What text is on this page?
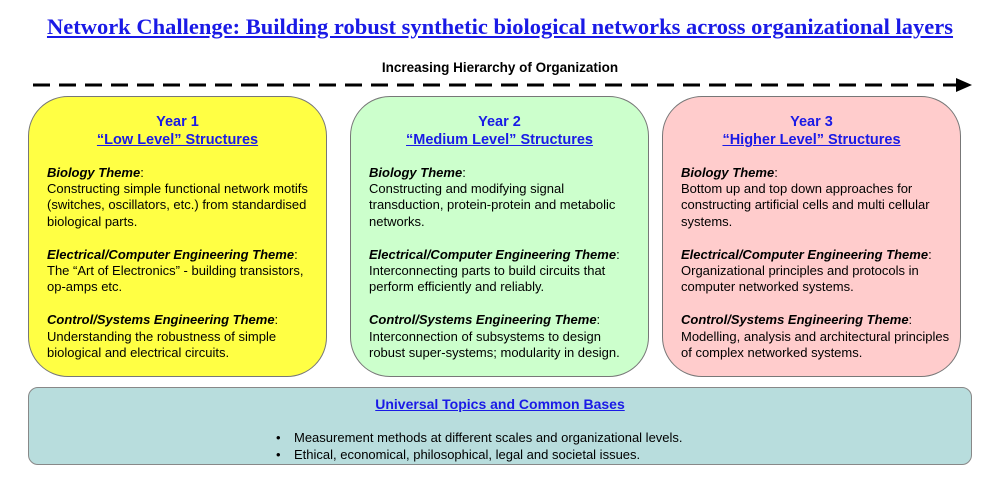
Network Challenge: Building robust synthetic biological networks across organizational layers
Increasing Hierarchy of Organization
Year 1
“Low Level” Structures
Biology Theme:
Constructing simple functional network motifs (switches, oscillators, etc.) from standardised biological parts.
Electrical/Computer Engineering Theme:
The “Art of Electronics” - building transistors, op-amps etc.
Control/Systems Engineering Theme:
Understanding the robustness of simple biological and electrical circuits.
Year 2
“Medium Level” Structures
Biology Theme:
Constructing and modifying signal transduction, protein-protein and metabolic networks.
Electrical/Computer Engineering Theme:
Interconnecting parts to build circuits that perform efficiently and reliably.
Control/Systems Engineering Theme:
Interconnection of subsystems to design robust super-systems; modularity in design.
Year 3
“Higher Level” Structures
Biology Theme:
Bottom up and top down approaches for constructing artificial cells and multi cellular systems.
Electrical/Computer Engineering Theme:
Organizational principles and protocols in computer networked systems.
Control/Systems Engineering Theme:
Modelling, analysis and architectural principles of complex networked systems.
Universal Topics and Common Bases
• Measurement methods at different scales and organizational levels.
• Ethical, economical, philosophical, legal and societal issues.
